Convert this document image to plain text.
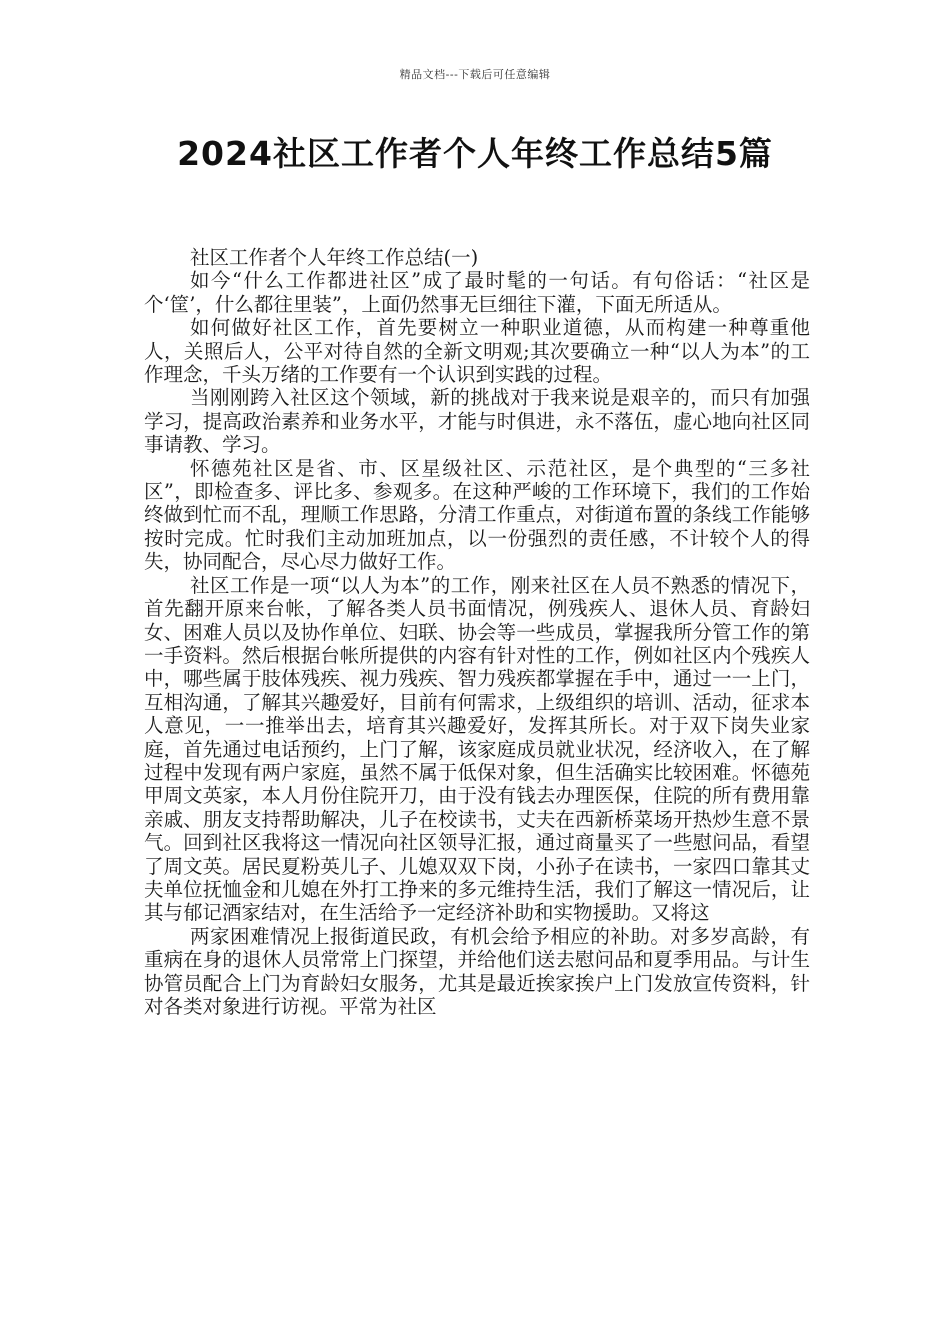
精品文档---下载后可任意编辑
2024社区工作者个人年终工作总结5篇

社区工作者个人年终工作总结(一)

如今“什么工作都进社区”成了最时髦的一句话。有句俗话：“社区是个‘筐’，什么都往里装”，上面仍然事无巨细往下灌，下面无所适从。

如何做好社区工作，首先要树立一种职业道德，从而构建一种尊重他人，关照后人，公平对待自然的全新文明观;其次要确立一种“以人为本”的工作理念，千头万绪的工作要有一个认识到实践的过程。

当刚刚跨入社区这个领域，新的挑战对于我来说是艰辛的，而只有加强学习，提高政治素养和业务水平，才能与时俱进，永不落伍，虚心地向社区同事请教、学习。

怀德苑社区是省、市、区星级社区、示范社区，是个典型的“三多社区”，即检查多、评比多、参观多。在这种严峻的工作环境下，我们的工作始终做到忙而不乱，理顺工作思路，分清工作重点，对街道布置的条线工作能够按时完成。忙时我们主动加班加点，以一份强烈的责任感，不计较个人的得失，协同配合，尽心尽力做好工作。

社区工作是一项“以人为本”的工作，刚来社区在人员不熟悉的情况下，首先翻开原来台帐，了解各类人员书面情况，例残疾人、退休人员、育龄妇女、困难人员以及协作单位、妇联、协会等一些成员，掌握我所分管工作的第一手资料。然后根据台帐所提供的内容有针对性的工作，例如社区内个残疾人中，哪些属于肢体残疾、视力残疾、智力残疾都掌握在手中，通过一一上门，互相沟通，了解其兴趣爱好，目前有何需求，上级组织的培训、活动，征求本人意见，一一推举出去，培育其兴趣爱好，发挥其所长。对于双下岗失业家庭，首先通过电话预约，上门了解，该家庭成员就业状况，经济收入，在了解过程中发现有两户家庭，虽然不属于低保对象，但生活确实比较困难。怀德苑甲周文英家，本人月份住院开刀，由于没有钱去办理医保，住院的所有费用靠亲戚、朋友支持帮助解决，儿子在校读书，丈夫在西新桥菜场开热炒生意不景气。回到社区我将这一情况向社区领导汇报，通过商量买了一些慰问品，看望了周文英。居民夏粉英儿子、儿媳双双下岗，小孙子在读书，一家四口靠其丈夫单位抚恤金和儿媳在外打工挣来的多元维持生活，我们了解这一情况后，让其与郁记酒家结对，在生活给予一定经济补助和实物援助。又将这

两家困难情况上报街道民政，有机会给予相应的补助。对多岁高龄，有重病在身的退休人员常常上门探望，并给他们送去慰问品和夏季用品。与计生协管员配合上门为育龄妇女服务，尤其是最近挨家挨户上门发放宣传资料，针对各类对象进行访视。平常为社区
